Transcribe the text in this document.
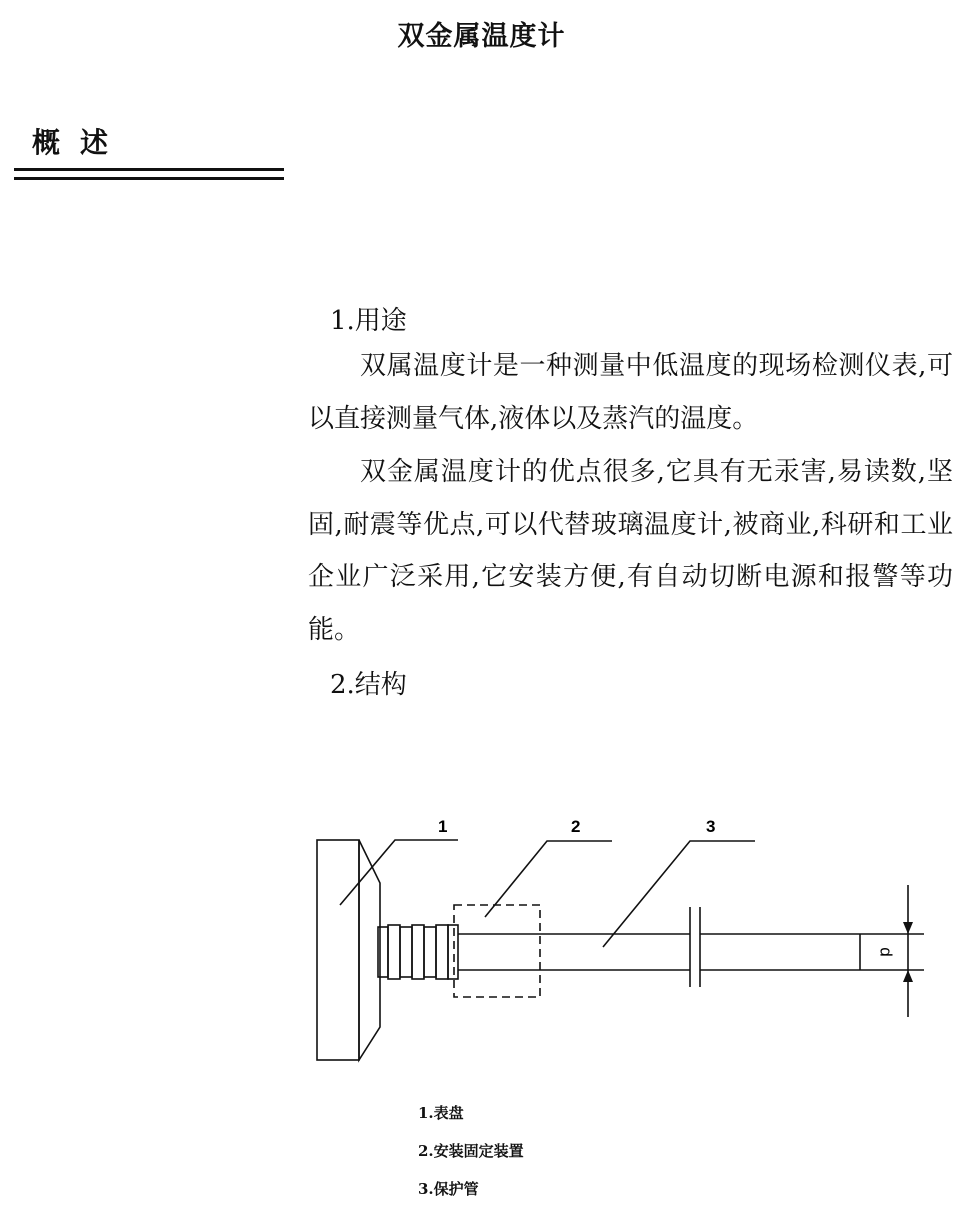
双金属温度计
概述
1.用途

双属温度计是一种测量中低温度的现场检测仪表,可以直接测量气体,液体以及蒸汽的温度。

双金属温度计的优点很多,它具有无汞害,易读数,坚固,耐震等优点,可以代替玻璃温度计,被商业,科研和工业企业广泛采用,它安装方便,有自动切断电源和报警等功能。

2.结构
1	2	3
d
1.表盘
2.安装固定装置
3.保护管
